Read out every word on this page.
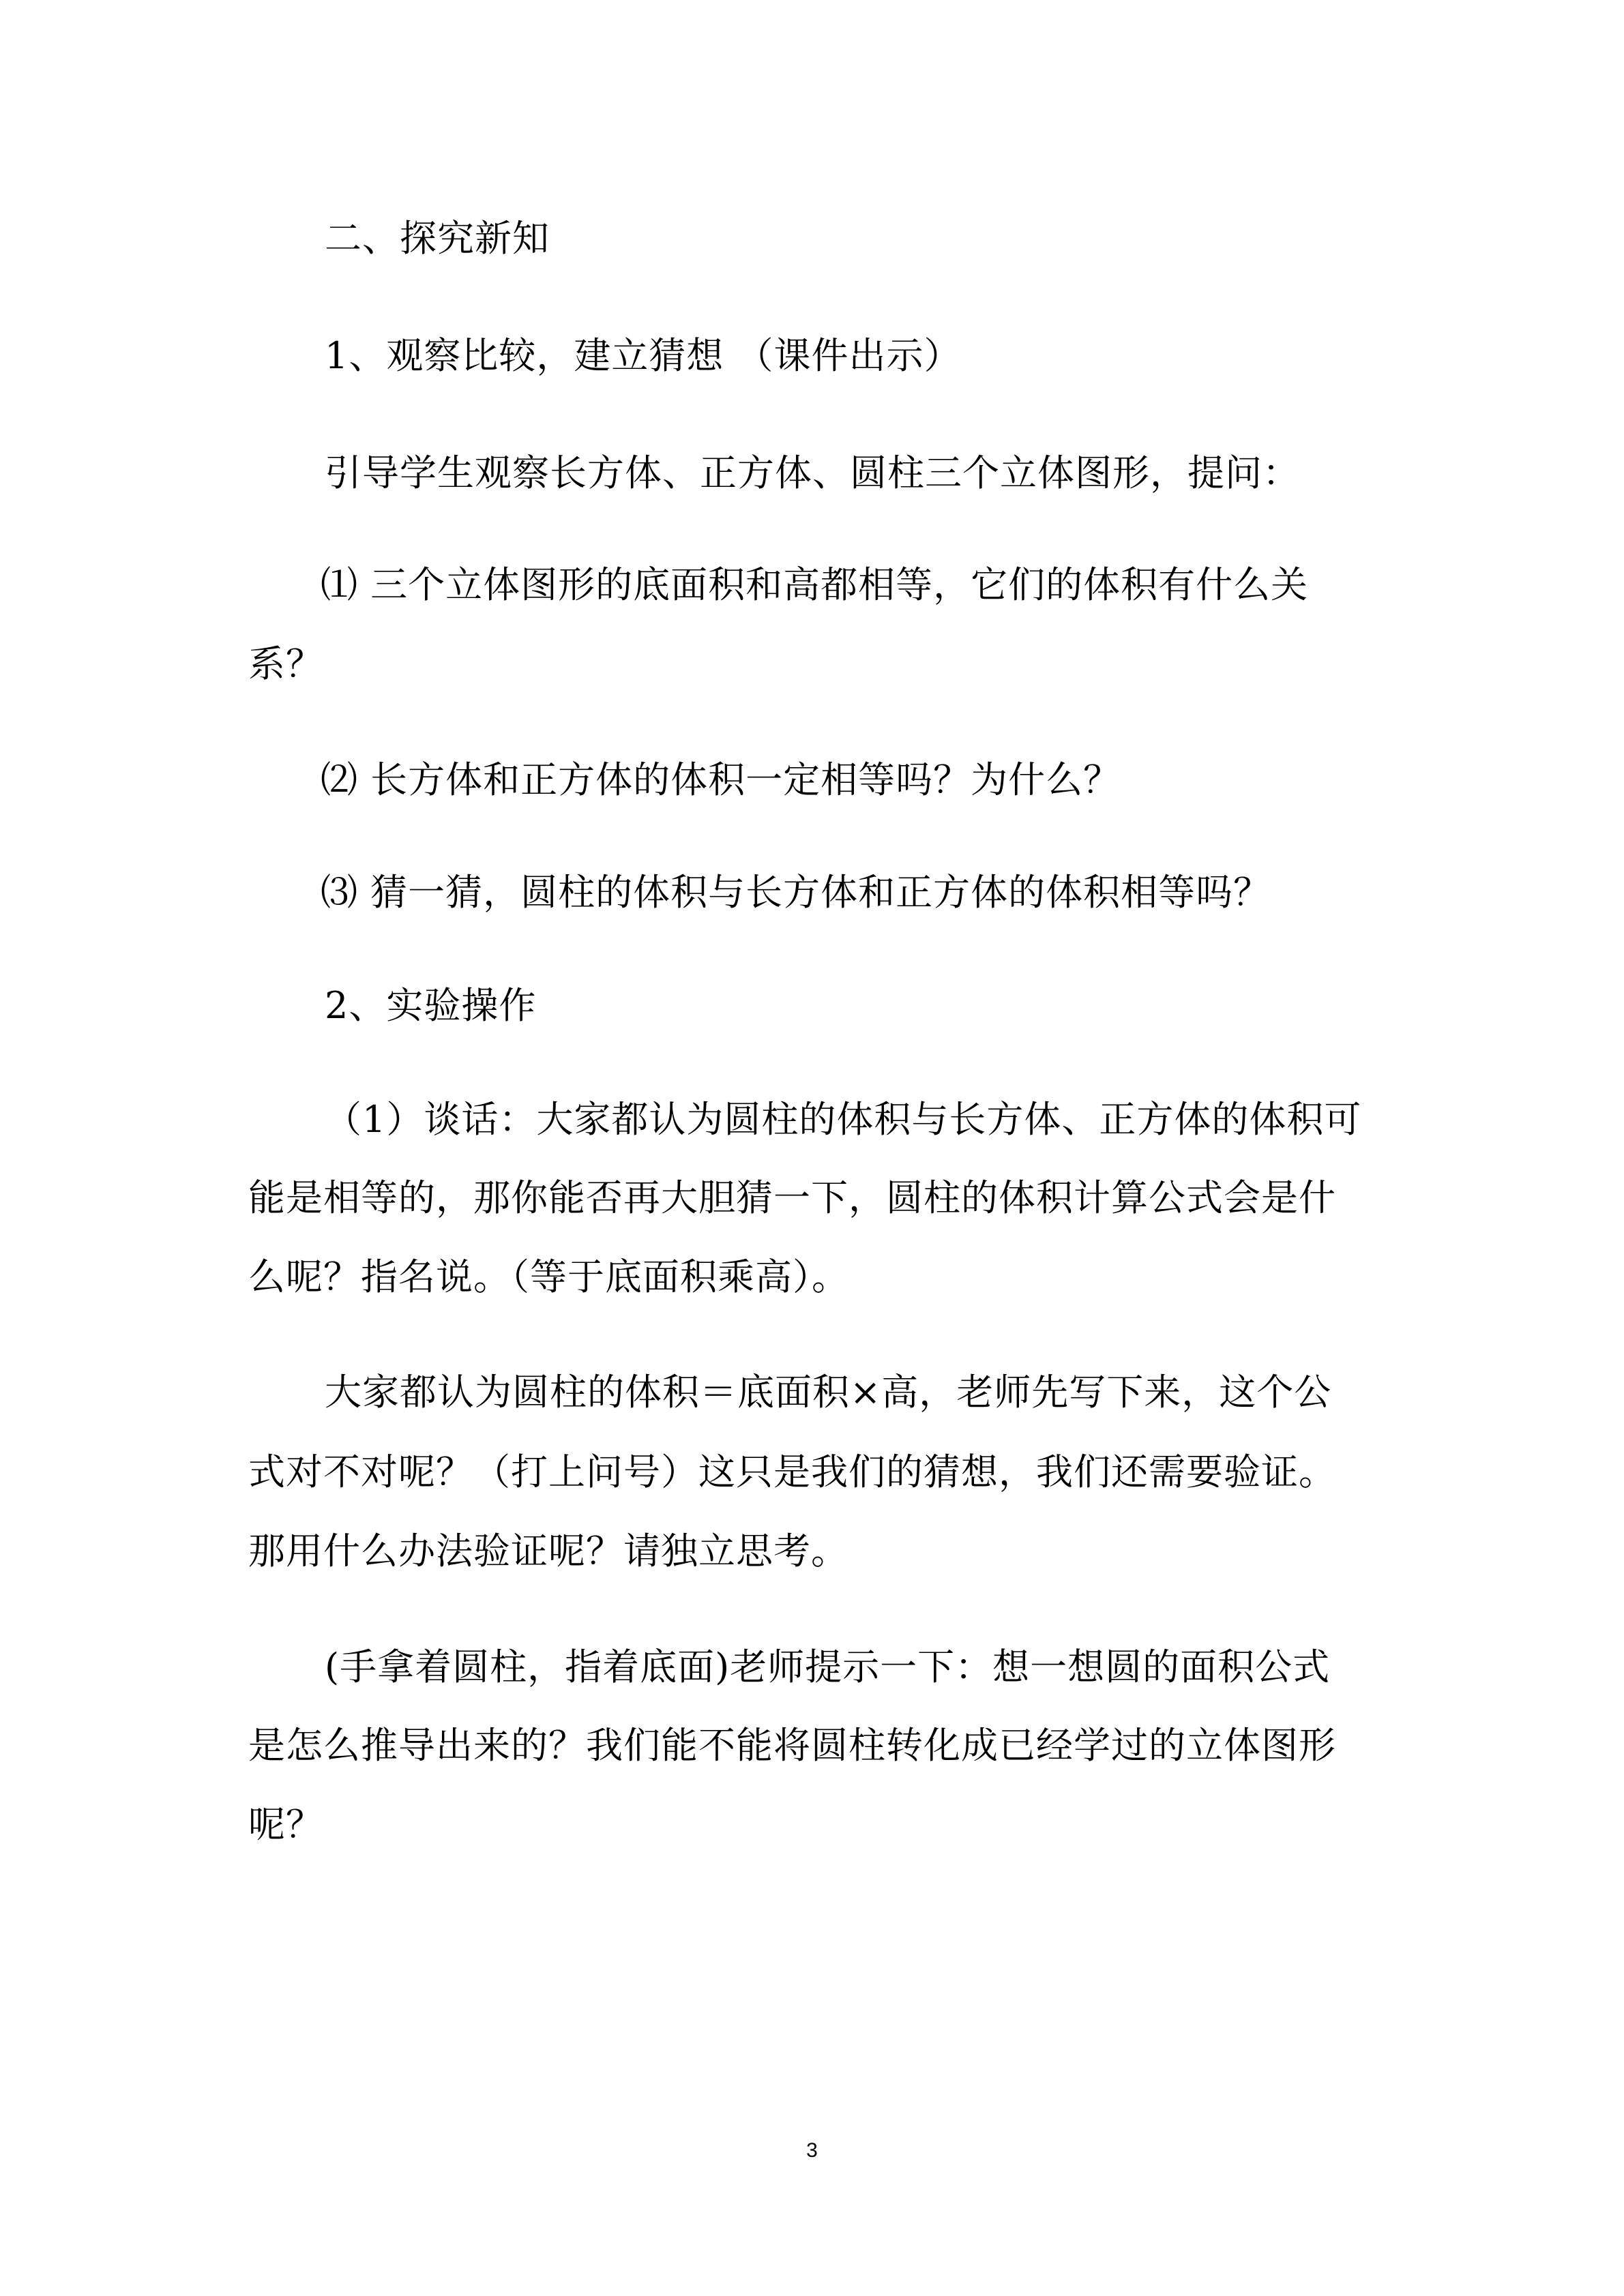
二、探究新知
1、观察比较，建立猜想 （课件出示）
引导学生观察长方体、正方体、圆柱三个立体图形，提问：
⑴ 三个立体图形的底面积和高都相等，它们的体积有什么关
系？
⑵ 长方体和正方体的体积一定相等吗？为什么？
⑶ 猜一猜，圆柱的体积与长方体和正方体的体积相等吗？
2、实验操作
（1）谈话：大家都认为圆柱的体积与长方体、正方体的体积可
能是相等的，那你能否再大胆猜一下，圆柱的体积计算公式会是什
么呢？指名说。（等于底面积乘高）。
大家都认为圆柱的体积＝底面积×高，老师先写下来，这个公
式对不对呢？（打上问号）这只是我们的猜想，我们还需要验证。
那用什么办法验证呢？请独立思考。
(手拿着圆柱，指着底面)老师提示一下：想一想圆的面积公式
是怎么推导出来的？我们能不能将圆柱转化成已经学过的立体图形
呢？
3
